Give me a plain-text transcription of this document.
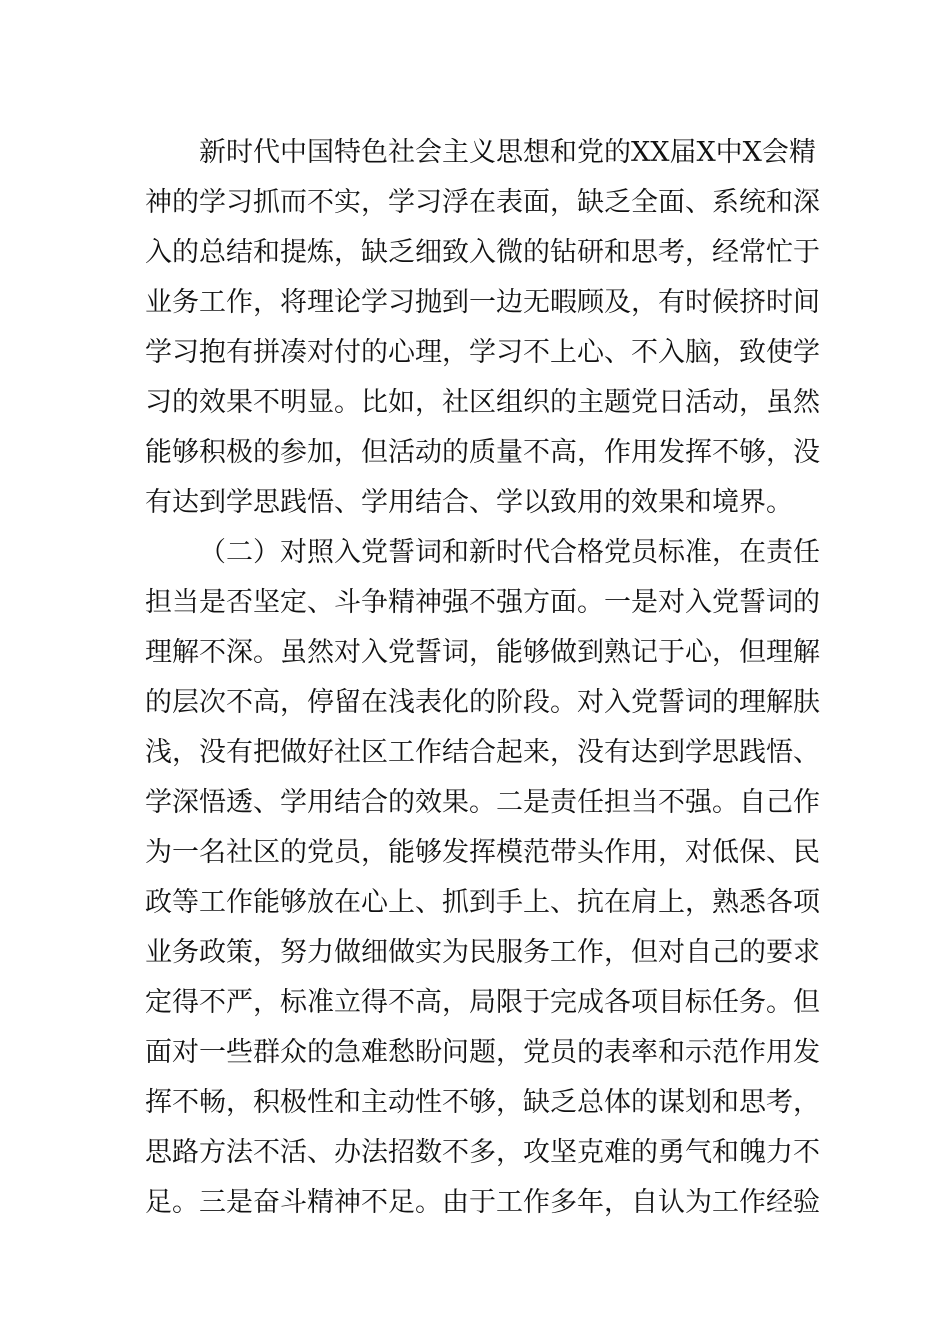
新时代中国特色社会主义思想和党的XX届X中X会精
神的学习抓而不实，学习浮在表面，缺乏全面、系统和深
入的总结和提炼，缺乏细致入微的钻研和思考，经常忙于
业务工作，将理论学习抛到一边无暇顾及，有时候挤时间
学习抱有拼凑对付的心理，学习不上心、不入脑，致使学
习的效果不明显。比如，社区组织的主题党日活动，虽然
能够积极的参加，但活动的质量不高，作用发挥不够，没
有达到学思践悟、学用结合、学以致用的效果和境界。
（二）对照入党誓词和新时代合格党员标准，在责任
担当是否坚定、斗争精神强不强方面。一是对入党誓词的
理解不深。虽然对入党誓词，能够做到熟记于心，但理解
的层次不高，停留在浅表化的阶段。对入党誓词的理解肤
浅，没有把做好社区工作结合起来，没有达到学思践悟、
学深悟透、学用结合的效果。二是责任担当不强。自己作
为一名社区的党员，能够发挥模范带头作用，对低保、民
政等工作能够放在心上、抓到手上、抗在肩上，熟悉各项
业务政策，努力做细做实为民服务工作，但对自己的要求
定得不严，标准立得不高，局限于完成各项目标任务。但
面对一些群众的急难愁盼问题，党员的表率和示范作用发
挥不畅，积极性和主动性不够，缺乏总体的谋划和思考，
思路方法不活、办法招数不多，攻坚克难的勇气和魄力不
足。三是奋斗精神不足。由于工作多年，自认为工作经验
